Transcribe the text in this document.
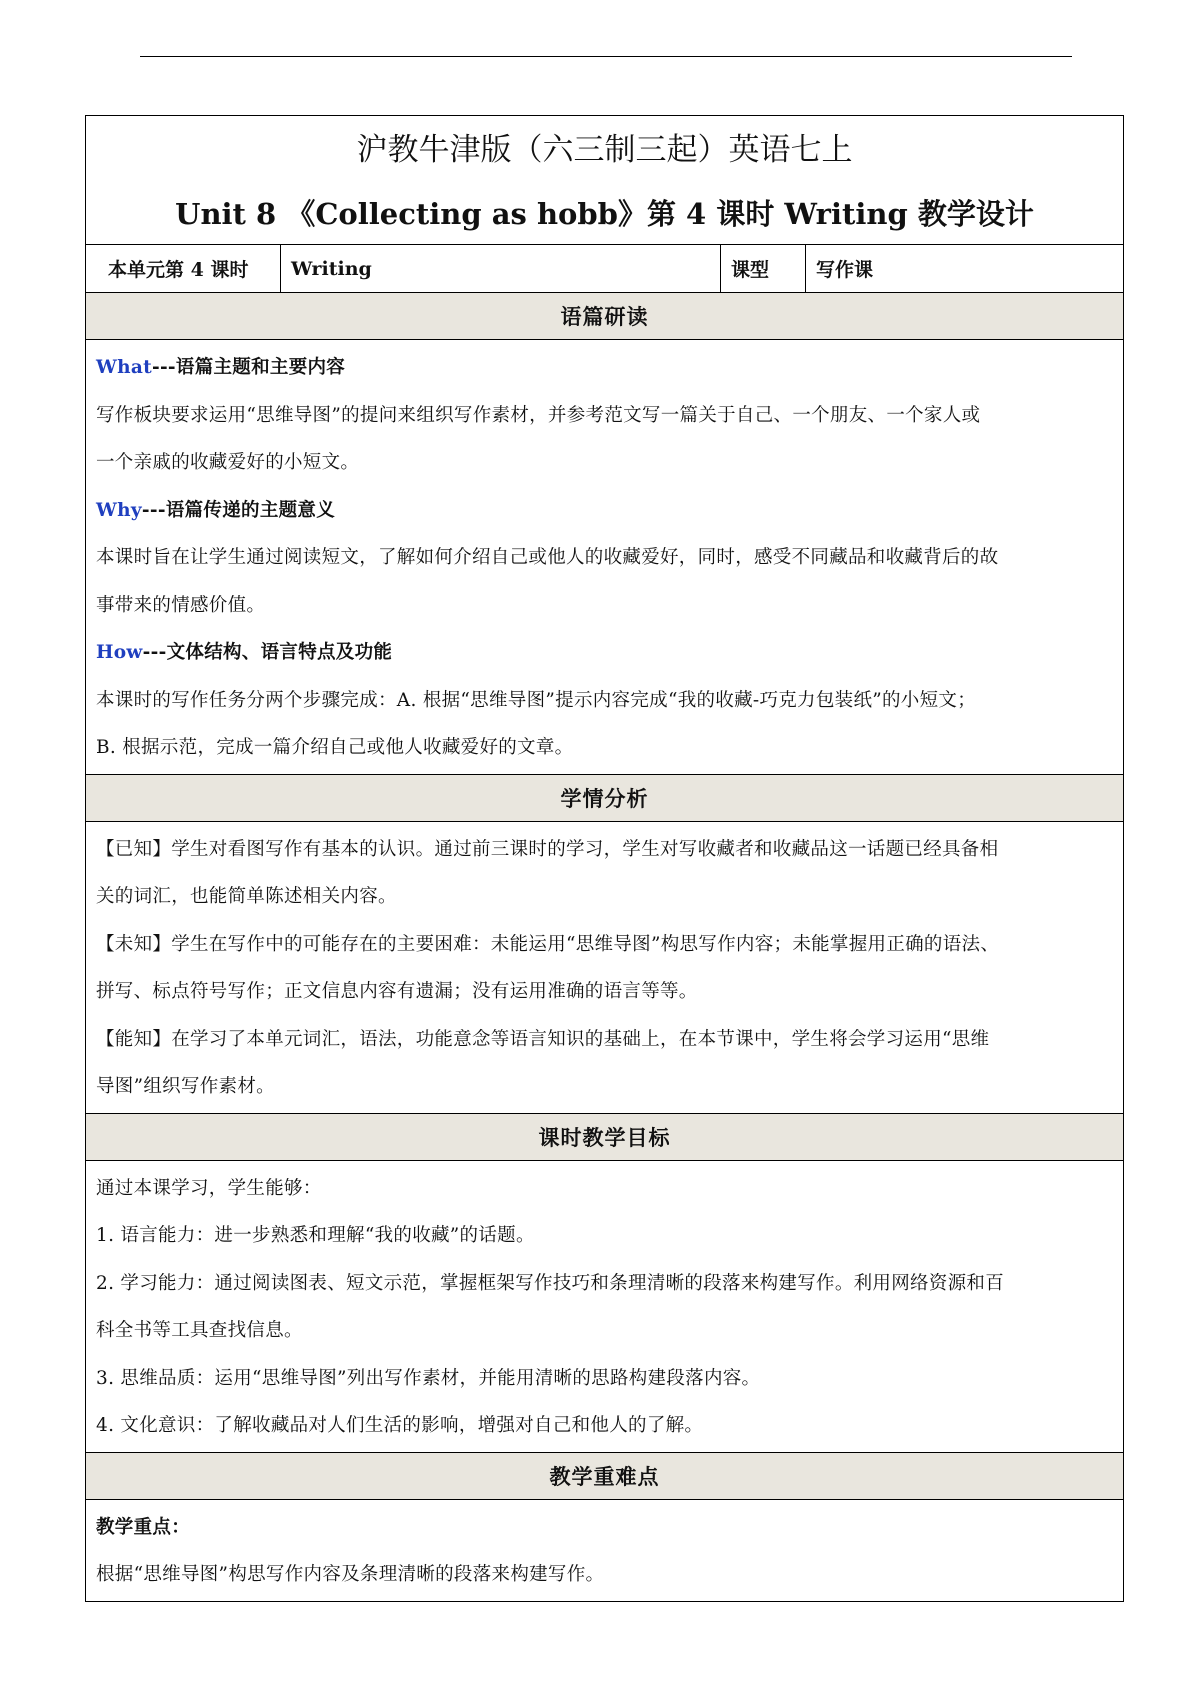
沪教牛津版（六三制三起）英语七上
Unit 8 《Collecting as hobb》第 4 课时 Writing 教学设计

本单元第 4 课时	Writing	课型	写作课
语篇研读

What---语篇主题和主要内容
写作板块要求运用“思维导图”的提问来组织写作素材，并参考范文写一篇关于自己、一个朋友、一个家人或
一个亲戚的收藏爱好的小短文。
Why---语篇传递的主题意义
本课时旨在让学生通过阅读短文，了解如何介绍自己或他人的收藏爱好，同时，感受不同藏品和收藏背后的故
事带来的情感价值。
How---文体结构、语言特点及功能
本课时的写作任务分两个步骤完成：A. 根据“思维导图”提示内容完成“我的收藏-巧克力包装纸”的小短文；
B. 根据示范，完成一篇介绍自己或他人收藏爱好的文章。

学情分析

【已知】学生对看图写作有基本的认识。通过前三课时的学习，学生对写收藏者和收藏品这一话题已经具备相
关的词汇，也能简单陈述相关内容。
【未知】学生在写作中的可能存在的主要困难：未能运用“思维导图”构思写作内容；未能掌握用正确的语法、
拼写、标点符号写作；正文信息内容有遗漏；没有运用准确的语言等等。
【能知】在学习了本单元词汇，语法，功能意念等语言知识的基础上，在本节课中，学生将会学习运用“思维
导图”组织写作素材。

课时教学目标

通过本课学习，学生能够：
1. 语言能力：进一步熟悉和理解“我的收藏”的话题。
2. 学习能力：通过阅读图表、短文示范，掌握框架写作技巧和条理清晰的段落来构建写作。利用网络资源和百
科全书等工具查找信息。
3. 思维品质：运用“思维导图”列出写作素材，并能用清晰的思路构建段落内容。
4. 文化意识：了解收藏品对人们生活的影响，增强对自己和他人的了解。

教学重难点

教学重点：
根据“思维导图”构思写作内容及条理清晰的段落来构建写作。
